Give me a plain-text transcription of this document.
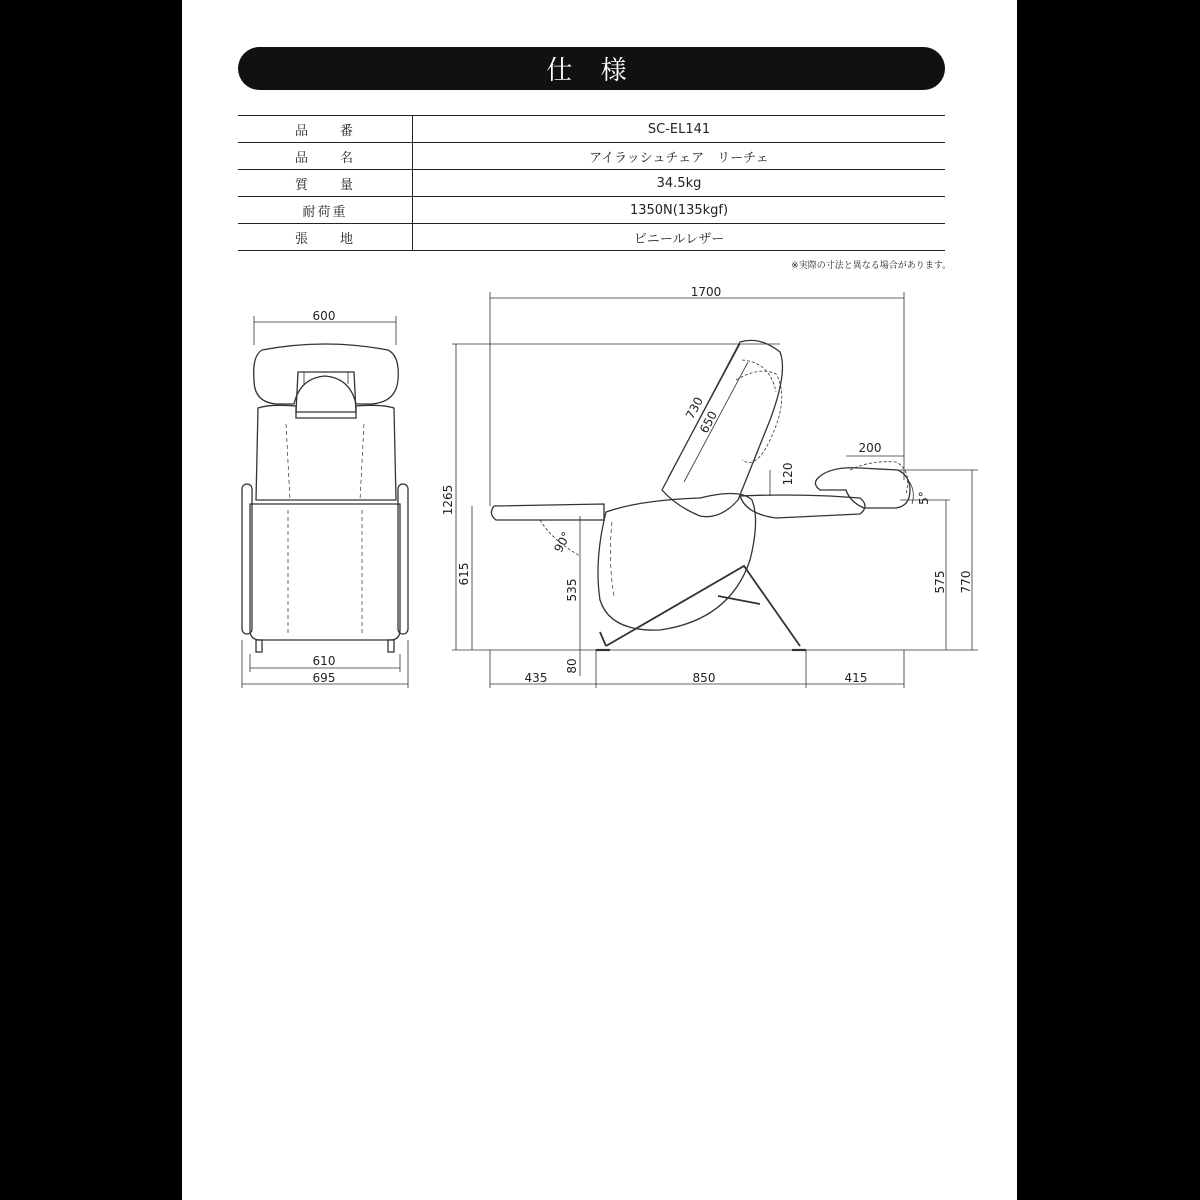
仕 様
品　　番	SC-EL141
品　　名	アイラッシュチェア　リーチェ
質　　量	34.5kg
耐荷重	1350N(135kgf)
張　　地	ビニールレザー
※実際の寸法と異なる場合があります。
600
610
695
1700
1265
615
730
650
200
120
5°
90°
535
80
575 770
435	850	415
